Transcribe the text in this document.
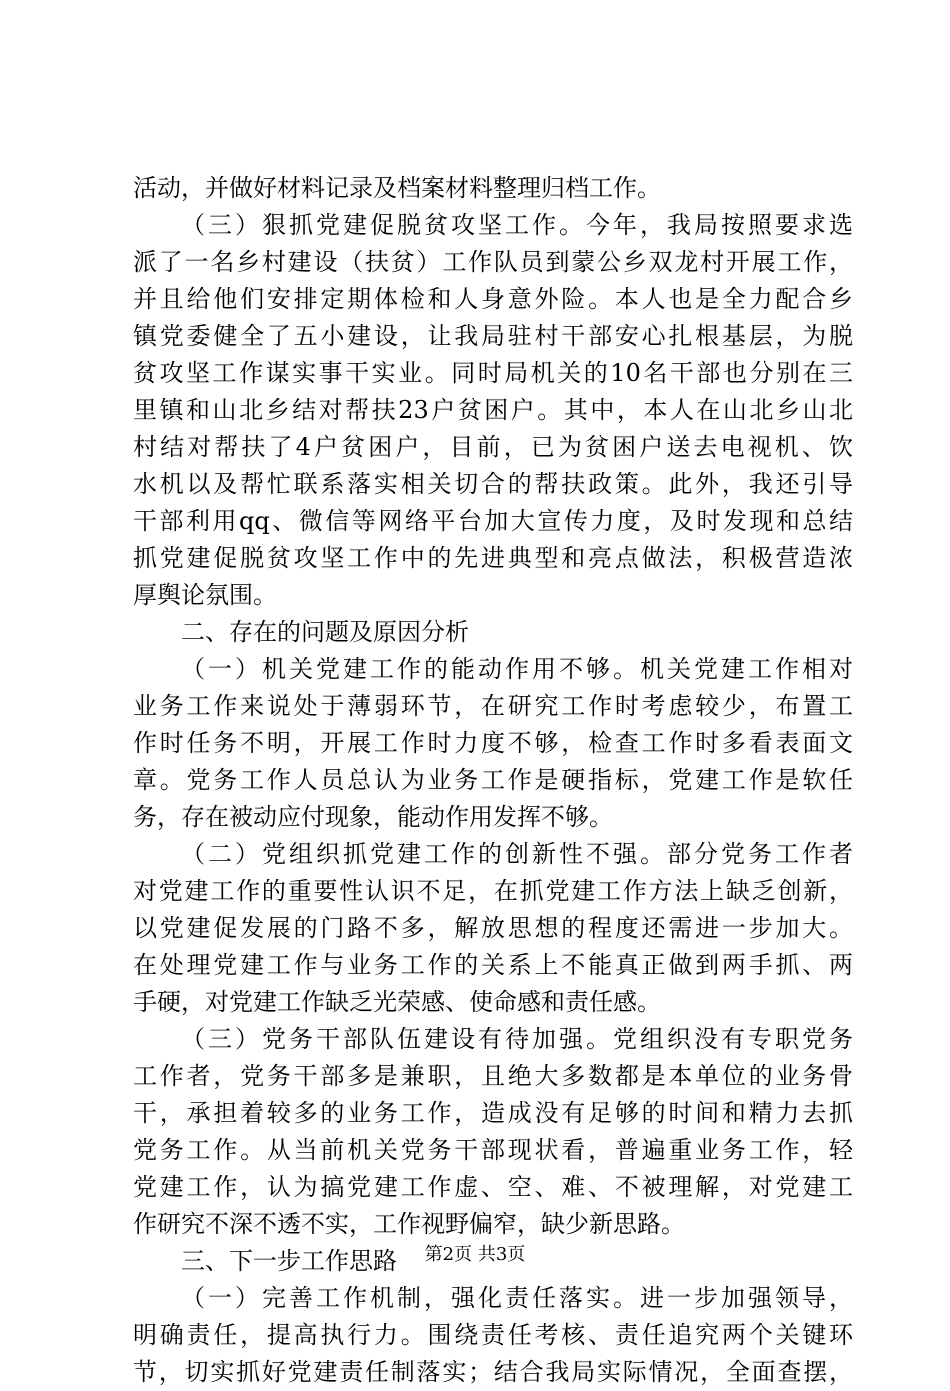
活动，并做好材料记录及档案材料整理归档工作。
（三）狠抓党建促脱贫攻坚工作。今年，我局按照要求选
派了一名乡村建设（扶贫）工作队员到蒙公乡双龙村开展工作，
并且给他们安排定期体检和人身意外险。本人也是全力配合乡
镇党委健全了五小建设，让我局驻村干部安心扎根基层，为脱
贫攻坚工作谋实事干实业。同时局机关的10名干部也分别在三
里镇和山北乡结对帮扶23户贫困户。其中，本人在山北乡山北
村结对帮扶了4户贫困户，目前，已为贫困户送去电视机、饮
水机以及帮忙联系落实相关切合的帮扶政策。此外，我还引导
干部利用qq、微信等网络平台加大宣传力度，及时发现和总结
抓党建促脱贫攻坚工作中的先进典型和亮点做法，积极营造浓
厚舆论氛围。
二、存在的问题及原因分析
（一）机关党建工作的能动作用不够。机关党建工作相对
业务工作来说处于薄弱环节，在研究工作时考虑较少，布置工
作时任务不明，开展工作时力度不够，检查工作时多看表面文
章。党务工作人员总认为业务工作是硬指标，党建工作是软任
务，存在被动应付现象，能动作用发挥不够。
（二）党组织抓党建工作的创新性不强。部分党务工作者
对党建工作的重要性认识不足，在抓党建工作方法上缺乏创新，
以党建促发展的门路不多，解放思想的程度还需进一步加大。
在处理党建工作与业务工作的关系上不能真正做到两手抓、两
手硬，对党建工作缺乏光荣感、使命感和责任感。
（三）党务干部队伍建设有待加强。党组织没有专职党务
工作者，党务干部多是兼职，且绝大多数都是本单位的业务骨
干，承担着较多的业务工作，造成没有足够的时间和精力去抓
党务工作。从当前机关党务干部现状看，普遍重业务工作，轻
党建工作，认为搞党建工作虚、空、难、不被理解，对党建工
作研究不深不透不实，工作视野偏窄，缺少新思路。
三、下一步工作思路
（一）完善工作机制，强化责任落实。进一步加强领导，
明确责任，提高执行力。围绕责任考核、责任追究两个关键环
节，切实抓好党建责任制落实；结合我局实际情况，全面查摆，
第2页 共3页
